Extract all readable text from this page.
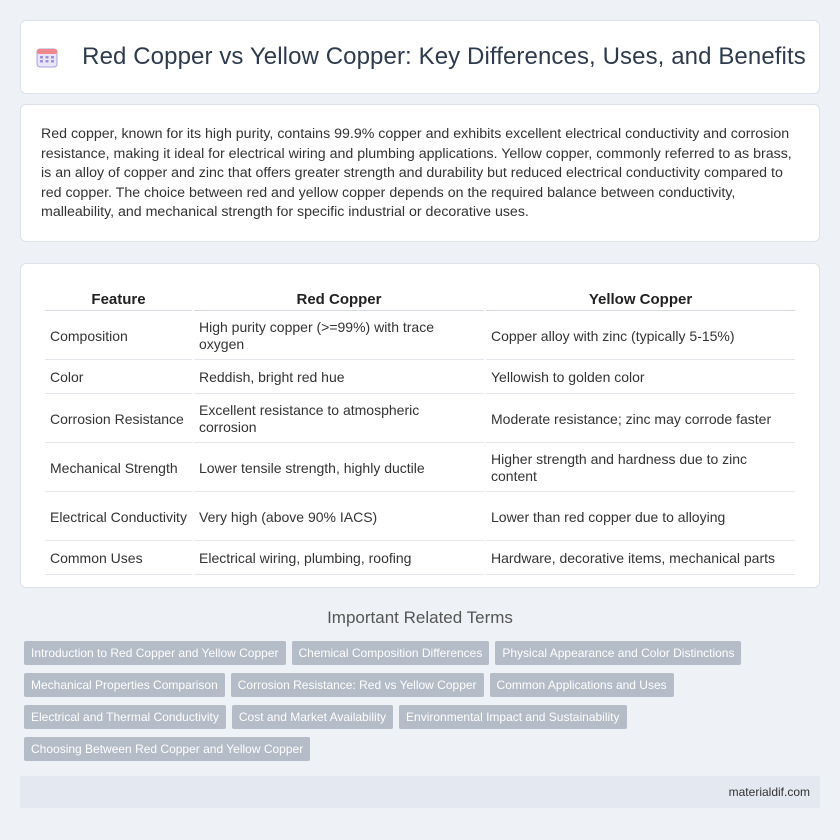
Red Copper vs Yellow Copper: Key Differences, Uses, and Benefits

Red copper, known for its high purity, contains 99.9% copper and exhibits excellent electrical conductivity and corrosion resistance, making it ideal for electrical wiring and plumbing applications. Yellow copper, commonly referred to as brass, is an alloy of copper and zinc that offers greater strength and durability but reduced electrical conductivity compared to red copper. The choice between red and yellow copper depends on the required balance between conductivity, malleability, and mechanical strength for specific industrial or decorative uses.

Feature	Red Copper	Yellow Copper
Composition	High purity copper (>=99%) with trace oxygen	Copper alloy with zinc (typically 5-15%)
Color	Reddish, bright red hue	Yellowish to golden color
Corrosion Resistance	Excellent resistance to atmospheric corrosion	Moderate resistance; zinc may corrode faster
Mechanical Strength	Lower tensile strength, highly ductile	Higher strength and hardness due to zinc content
Electrical Conductivity	Very high (above 90% IACS)	Lower than red copper due to alloying
Common Uses	Electrical wiring, plumbing, roofing	Hardware, decorative items, mechanical parts
Important Related Terms
Introduction to Red Copper and Yellow Copper	Chemical Composition Differences	Physical Appearance and Color Distinctions
Mechanical Properties Comparison	Corrosion Resistance: Red vs Yellow Copper	Common Applications and Uses
Electrical and Thermal Conductivity	Cost and Market Availability	Environmental Impact and Sustainability
Choosing Between Red Copper and Yellow Copper
materialdif.com
